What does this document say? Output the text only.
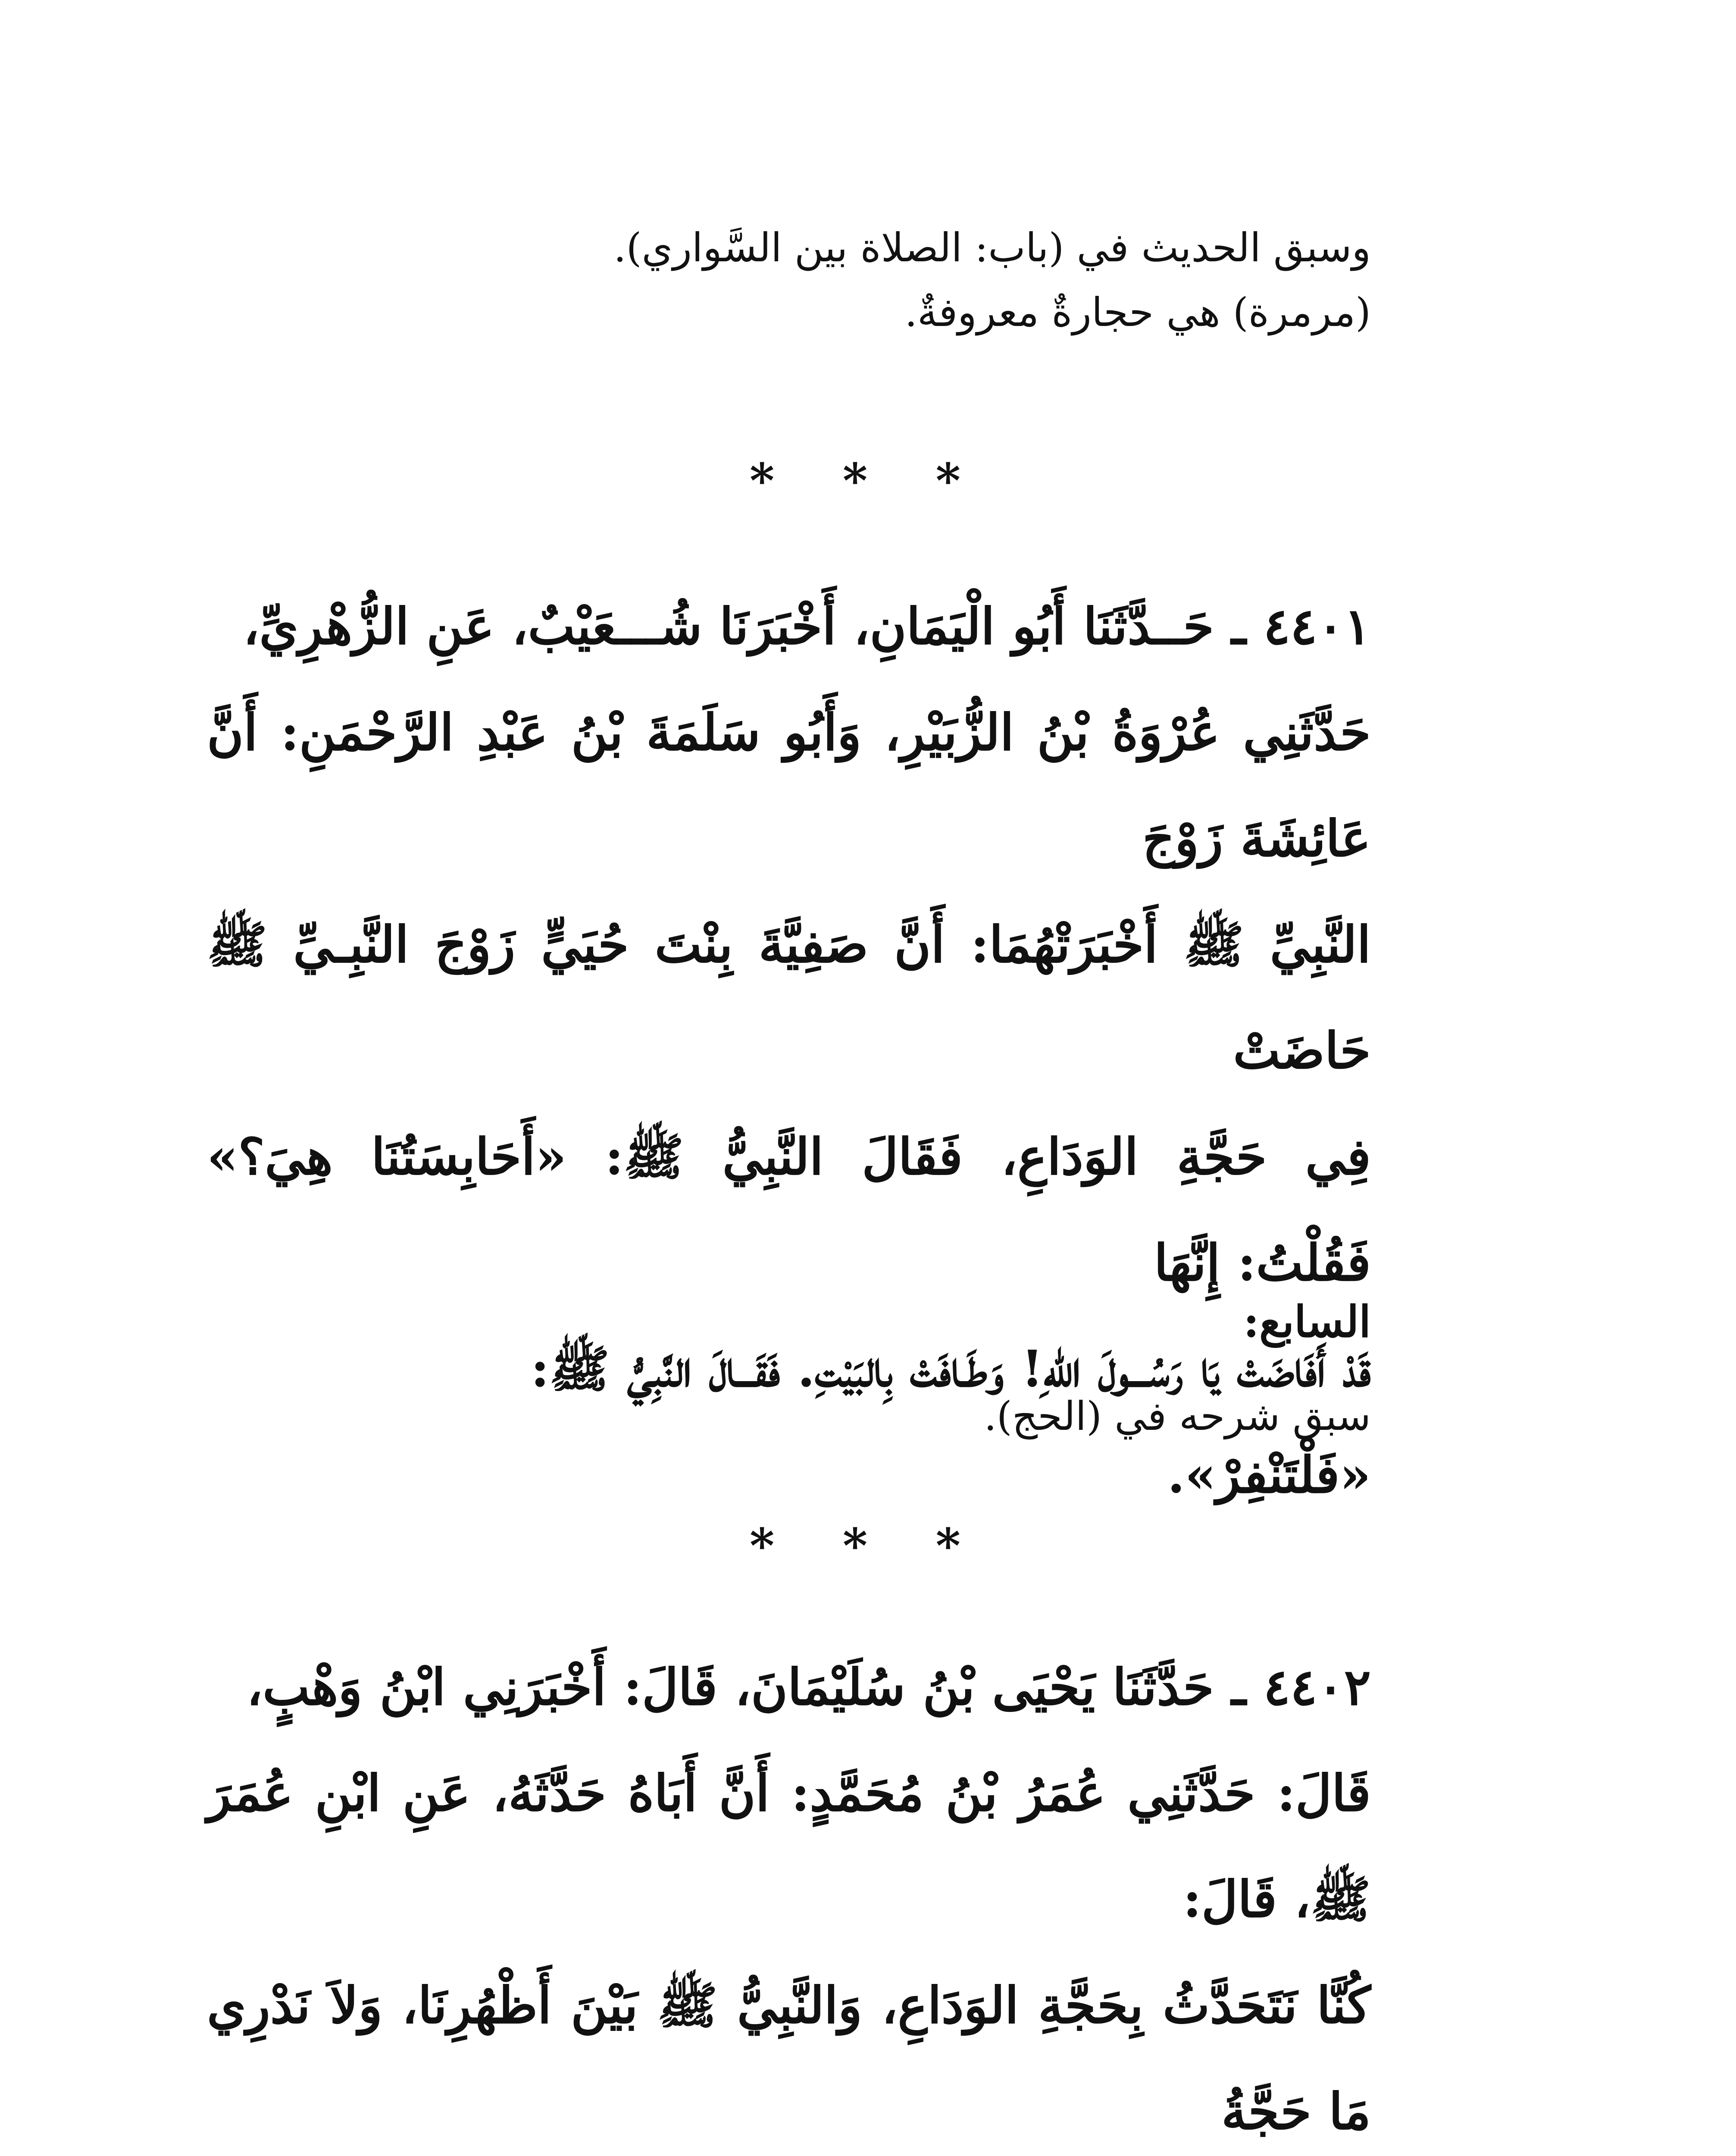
وسبق الحديث في (باب: الصلاة بين السَّواري).
(مرمرة) هي حجارةٌ معروفةٌ.
* * *
٤٤٠١ ـ حَــدَّثَنَا أَبُو الْيَمَانِ، أَخْبَرَنَا شُـــعَيْبٌ، عَنِ الزُّهْرِيِّ،
حَدَّثَنِي عُرْوَةُ بْنُ الزُّبَيْرِ، وَأَبُو سَلَمَةَ بْنُ عَبْدِ الرَّحْمَنِ: أَنَّ عَائِشَةَ زَوْجَ
النَّبِيِّ ﷺ أَخْبَرَتْهُمَا: أَنَّ صَفِيَّةَ بِنْتَ حُيَيٍّ زَوْجَ النَّبِـيِّ ﷺ حَاضَتْ
فِي حَجَّةِ الوَدَاعِ، فَقَالَ النَّبِيُّ ﷺ: «أَحَابِسَتُنَا هِيَ؟» فَقُلْتُ: إِنَّهَا
قَدْ أَفَاضَتْ يَا رَسُـــولَ اللهِ! وَطَـافَتْ بِالبَيْتِ. فَقَـــالَ النَّبِيُّ ﷺ:
«فَلْتَنْفِرْ».
السابع:
سبق شرحه في (الحج).
* * *
٤٤٠٢ ـ حَدَّثَنَا يَحْيَى بْنُ سُلَيْمَانَ، قَالَ: أَخْبَرَنِي ابْنُ وَهْبٍ،
قَالَ: حَدَّثَنِي عُمَرُ بْنُ مُحَمَّدٍ: أَنَّ أَبَاهُ حَدَّثَهُ، عَنِ ابْنِ عُمَرَ ﷺ، قَالَ:
كُنَّا نَتَحَدَّثُ بِحَجَّةِ الوَدَاعِ، وَالنَّبِيُّ ﷺ بَيْنَ أَظْهُرِنَا، وَلاَ نَدْرِي مَا حَجَّةُ
